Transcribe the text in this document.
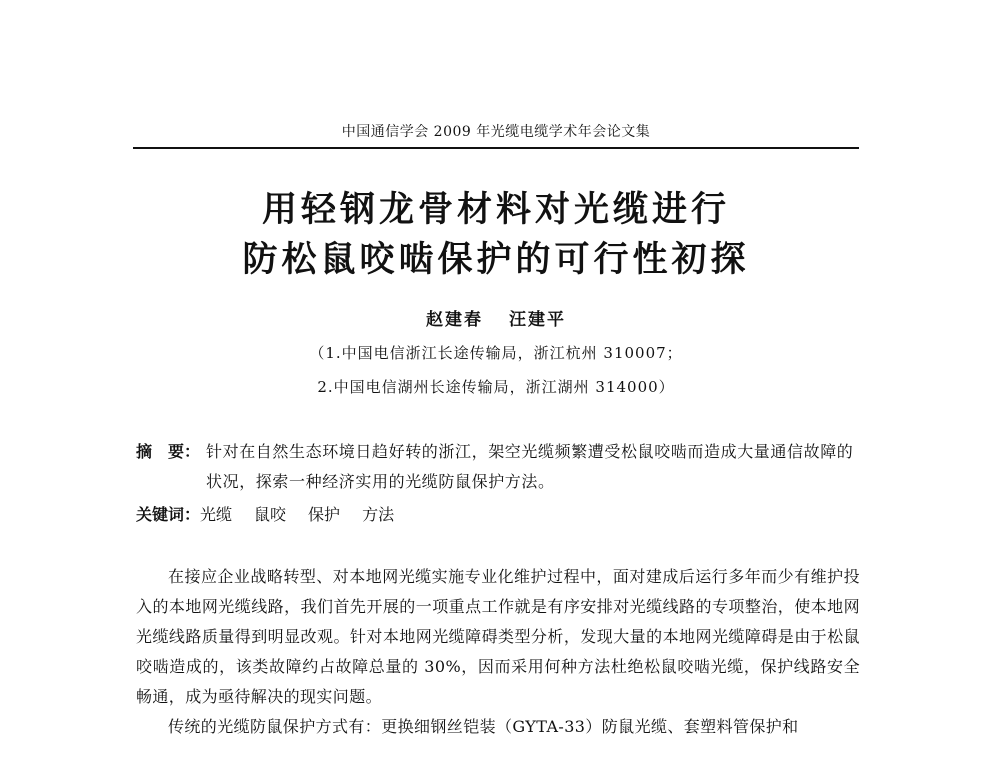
中国通信学会 2009 年光缆电缆学术年会论文集
用轻钢龙骨材料对光缆进行
防松鼠咬啮保护的可行性初探
赵建春 汪建平
（1.中国电信浙江长途传输局，浙江杭州 310007；
2.中国电信湖州长途传输局，浙江湖州 314000）
摘　要： 针对在自然生态环境日趋好转的浙江，架空光缆频繁遭受松鼠咬啮而造成大量通信故障的状况，探索一种经济实用的光缆防鼠保护方法。
关键词：光缆 鼠咬 保护 方法

在接应企业战略转型、对本地网光缆实施专业化维护过程中，面对建成后运行多年而少有维护投入的本地网光缆线路，我们首先开展的一项重点工作就是有序安排对光缆线路的专项整治，使本地网光缆线路质量得到明显改观。针对本地网光缆障碍类型分析，发现大量的本地网光缆障碍是由于松鼠咬啮造成的，该类故障约占故障总量的 30%，因而采用何种方法杜绝松鼠咬啮光缆，保护线路安全畅通，成为亟待解决的现实问题。

传统的光缆防鼠保护方式有：更换细钢丝铠装（GYTA-33）防鼠光缆、套塑料管保护和
